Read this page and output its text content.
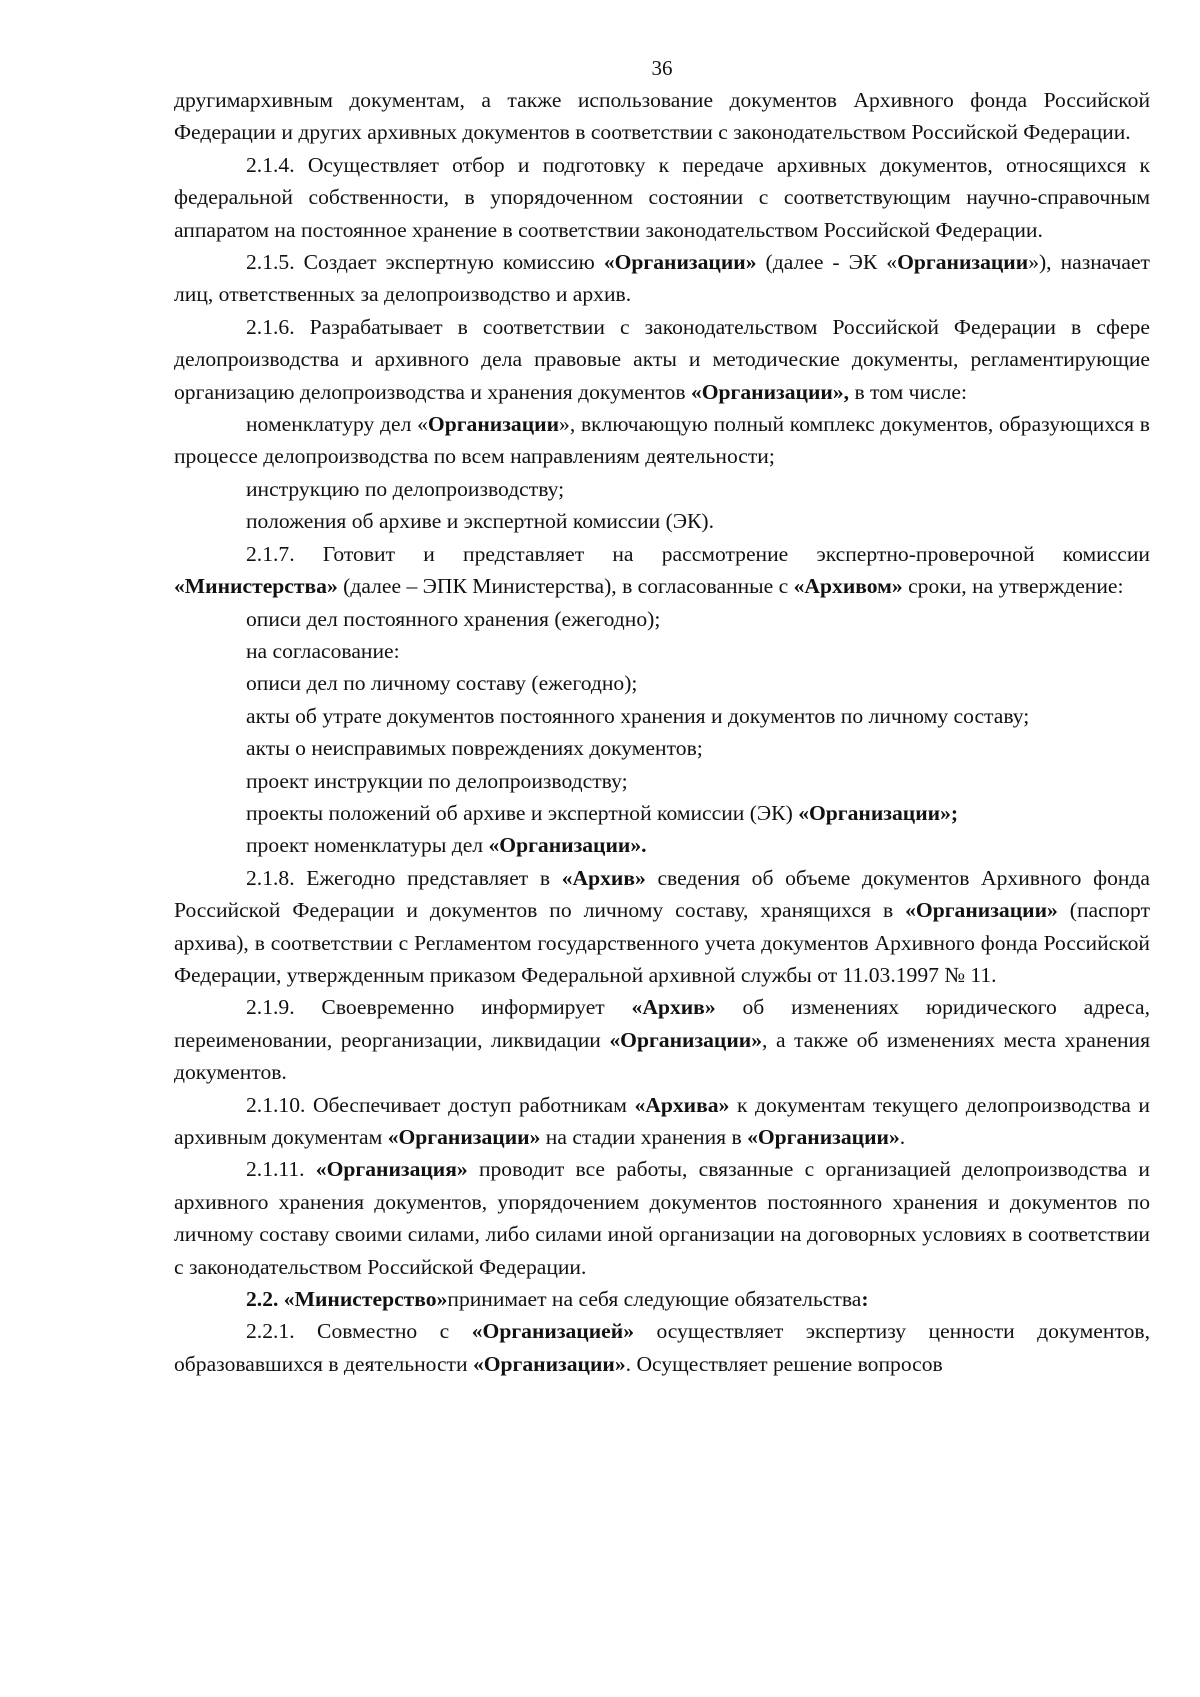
36

другимархивным документам, а также использование документов Архивного фонда Российской Федерации и других архивных документов в соответствии с законодательством Российской Федерации.

2.1.4. Осуществляет отбор и подготовку к передаче архивных документов, относящихся к федеральной собственности, в упорядоченном состоянии с соответствующим научно-справочным аппаратом на постоянное хранение в соответствии законодательством Российской Федерации.

2.1.5. Создает экспертную комиссию «Организации» (далее - ЭК «Организации»), назначает лиц, ответственных за делопроизводство и архив.

2.1.6. Разрабатывает в соответствии с законодательством Российской Федерации в сфере делопроизводства и архивного дела правовые акты и методические документы, регламентирующие организацию делопроизводства и хранения документов «Организации», в том числе:

номенклатуру дел «Организации», включающую полный комплекс документов, образующихся в процессе делопроизводства по всем направлениям деятельности;

инструкцию по делопроизводству;

положения об архиве и экспертной комиссии (ЭК).

2.1.7. Готовит и представляет на рассмотрение экспертно-проверочной комиссии «Министерства» (далее – ЭПК Министерства), в согласованные с «Архивом» сроки, на утверждение:

описи дел постоянного хранения (ежегодно);

на согласование:

описи дел по личному составу (ежегодно);

акты об утрате документов постоянного хранения и документов по личному составу;

акты о неисправимых повреждениях документов;

проект инструкции по делопроизводству;

проекты положений об архиве и экспертной комиссии (ЭК) «Организации»;

проект номенклатуры дел «Организации».

2.1.8. Ежегодно представляет в «Архив» сведения об объеме документов Архивного фонда Российской Федерации и документов по личному составу, хранящихся в «Организации» (паспорт архива), в соответствии с Регламентом государственного учета документов Архивного фонда Российской Федерации, утвержденным приказом Федеральной архивной службы от 11.03.1997 № 11.

2.1.9. Своевременно информирует «Архив» об изменениях юридического адреса, переименовании, реорганизации, ликвидации «Организации», а также об изменениях места хранения документов.

2.1.10. Обеспечивает доступ работникам «Архива» к документам текущего делопроизводства и архивным документам «Организации» на стадии хранения в «Организации».

2.1.11. «Организация» проводит все работы, связанные с организацией делопроизводства и архивного хранения документов, упорядочением документов постоянного хранения и документов по личному составу своими силами, либо силами иной организации на договорных условиях в соответствии с законодательством Российской Федерации.

2.2. «Министерство»принимает на себя следующие обязательства:

2.2.1. Совместно с «Организацией» осуществляет экспертизу ценности документов, образовавшихся в деятельности «Организации». Осуществляет решение вопросов
